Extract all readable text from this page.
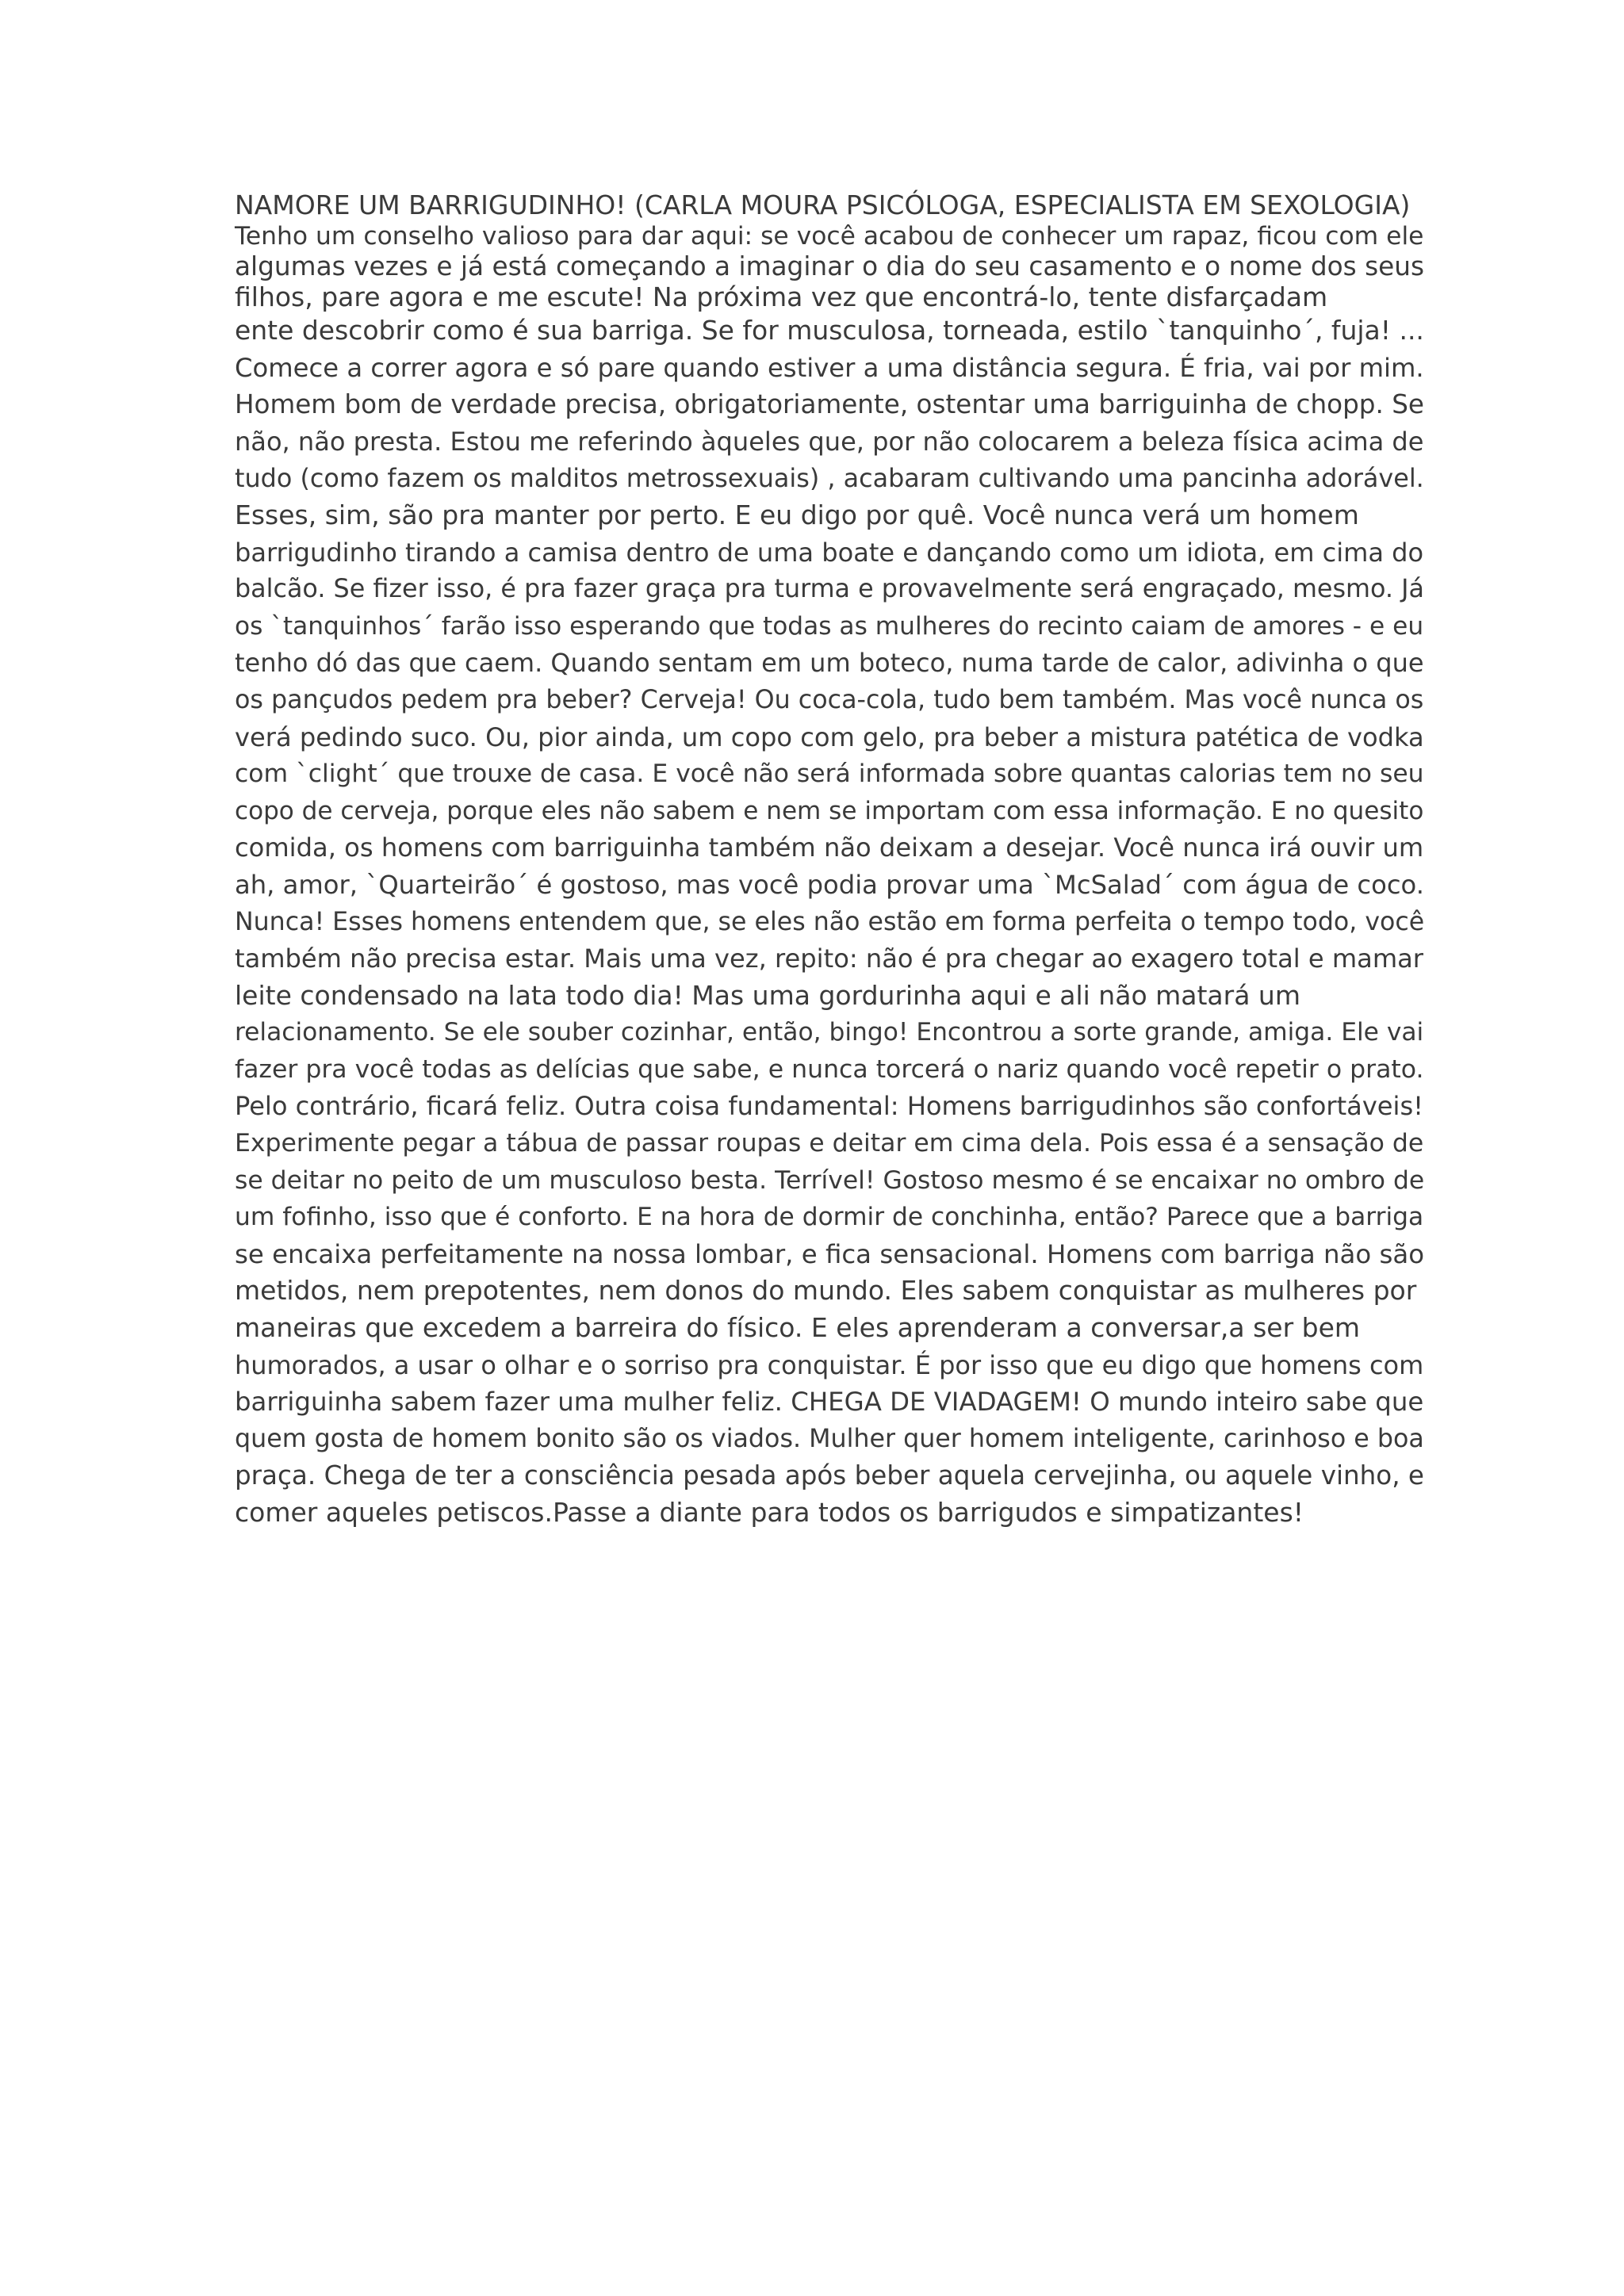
NAMORE UM BARRIGUDINHO! (CARLA MOURA PSICÓLOGA, ESPECIALISTA EM SEXOLOGIA)
Tenho um conselho valioso para dar aqui: se você acabou de conhecer um rapaz, ficou com ele
algumas vezes e já está começando a imaginar o dia do seu casamento e o nome dos seus
filhos, pare agora e me escute! Na próxima vez que encontrá-lo, tente disfarçadam
ente descobrir como é sua barriga. Se for musculosa, torneada, estilo `tanquinho´, fuja! ...
Comece a correr agora e só pare quando estiver a uma distância segura. É fria, vai por mim.
Homem bom de verdade precisa, obrigatoriamente, ostentar uma barriguinha de chopp. Se
não, não presta. Estou me referindo àqueles que, por não colocarem a beleza física acima de
tudo (como fazem os malditos metrossexuais) , acabaram cultivando uma pancinha adorável.
Esses, sim, são pra manter por perto. E eu digo por quê. Você nunca verá um homem
barrigudinho tirando a camisa dentro de uma boate e dançando como um idiota, em cima do
balcão. Se fizer isso, é pra fazer graça pra turma e provavelmente será engraçado, mesmo. Já
os `tanquinhos´ farão isso esperando que todas as mulheres do recinto caiam de amores - e eu
tenho dó das que caem. Quando sentam em um boteco, numa tarde de calor, adivinha o que
os pançudos pedem pra beber? Cerveja! Ou coca-cola, tudo bem também. Mas você nunca os
verá pedindo suco. Ou, pior ainda, um copo com gelo, pra beber a mistura patética de vodka
com `clight´ que trouxe de casa. E você não será informada sobre quantas calorias tem no seu
copo de cerveja, porque eles não sabem e nem se importam com essa informação. E no quesito
comida, os homens com barriguinha também não deixam a desejar. Você nunca irá ouvir um
ah, amor, `Quarteirão´ é gostoso, mas você podia provar uma `McSalad´ com água de coco.
Nunca! Esses homens entendem que, se eles não estão em forma perfeita o tempo todo, você
também não precisa estar. Mais uma vez, repito: não é pra chegar ao exagero total e mamar
leite condensado na lata todo dia! Mas uma gordurinha aqui e ali não matará um
relacionamento. Se ele souber cozinhar, então, bingo! Encontrou a sorte grande, amiga. Ele vai
fazer pra você todas as delícias que sabe, e nunca torcerá o nariz quando você repetir o prato.
Pelo contrário, ficará feliz. Outra coisa fundamental: Homens barrigudinhos são confortáveis!
Experimente pegar a tábua de passar roupas e deitar em cima dela. Pois essa é a sensação de
se deitar no peito de um musculoso besta. Terrível! Gostoso mesmo é se encaixar no ombro de
um fofinho, isso que é conforto. E na hora de dormir de conchinha, então? Parece que a barriga
se encaixa perfeitamente na nossa lombar, e fica sensacional. Homens com barriga não são
metidos, nem prepotentes, nem donos do mundo. Eles sabem conquistar as mulheres por
maneiras que excedem a barreira do físico. E eles aprenderam a conversar,a ser bem
humorados, a usar o olhar e o sorriso pra conquistar. É por isso que eu digo que homens com
barriguinha sabem fazer uma mulher feliz. CHEGA DE VIADAGEM! O mundo inteiro sabe que
quem gosta de homem bonito são os viados. Mulher quer homem inteligente, carinhoso e boa
praça. Chega de ter a consciência pesada após beber aquela cervejinha, ou aquele vinho, e
comer aqueles petiscos.Passe a diante para todos os barrigudos e simpatizantes!
